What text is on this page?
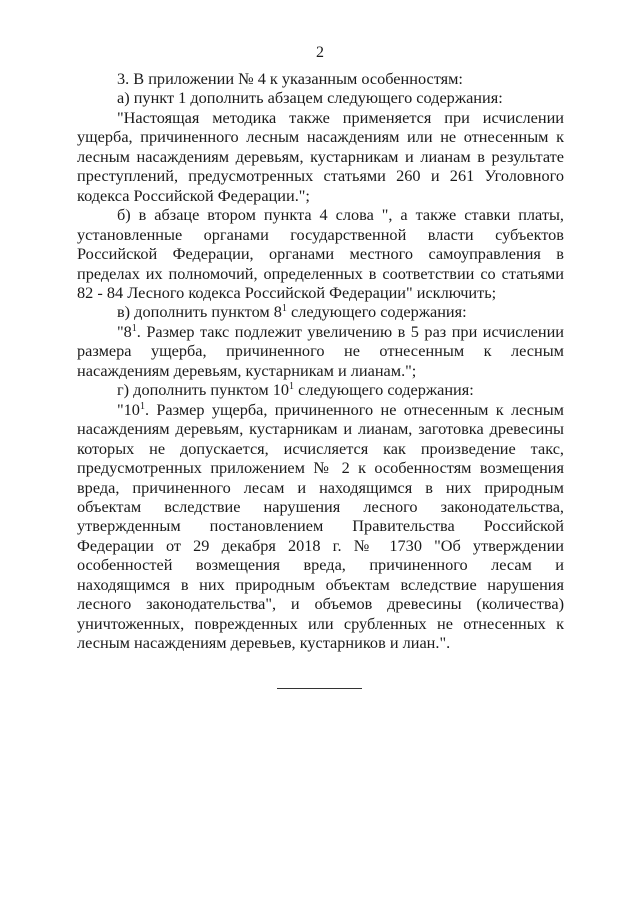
2

3. В приложении № 4 к указанным особенностям:

а) пункт 1 дополнить абзацем следующего содержания:

"Настоящая методика также применяется при исчислении ущерба, причиненного лесным насаждениям или не отнесенным к лесным насаждениям деревьям, кустарникам и лианам в результате преступлений, предусмотренных статьями 260 и 261 Уголовного кодекса Российской Федерации.";

б) в абзаце втором пункта 4 слова ", а также ставки платы, установленные органами государственной власти субъектов Российской Федерации, органами местного самоуправления в пределах их полномочий, определенных в соответствии со статьями 82 - 84 Лесного кодекса Российской Федерации" исключить;

в) дополнить пунктом $8^1$ следующего содержания:

"$8^1$. Размер такс подлежит увеличению в 5 раз при исчислении размера ущерба, причиненного не отнесенным к лесным насаждениям деревьям, кустарникам и лианам.";

г) дополнить пунктом $10^1$ следующего содержания:

"$10^1$. Размер ущерба, причиненного не отнесенным к лесным насаждениям деревьям, кустарникам и лианам, заготовка древесины которых не допускается, исчисляется как произведение такс, предусмотренных приложением № 2 к особенностям возмещения вреда, причиненного лесам и находящимся в них природным объектам вследствие нарушения лесного законодательства, утвержденным постановлением Правительства Российской Федерации от 29 декабря 2018 г. № 1730 "Об утверждении особенностей возмещения вреда, причиненного лесам и находящимся в них природным объектам вследствие нарушения лесного законодательства", и объемов древесины (количества) уничтоженных, поврежденных или срубленных не отнесенных к лесным насаждениям деревьев, кустарников и лиан.".
